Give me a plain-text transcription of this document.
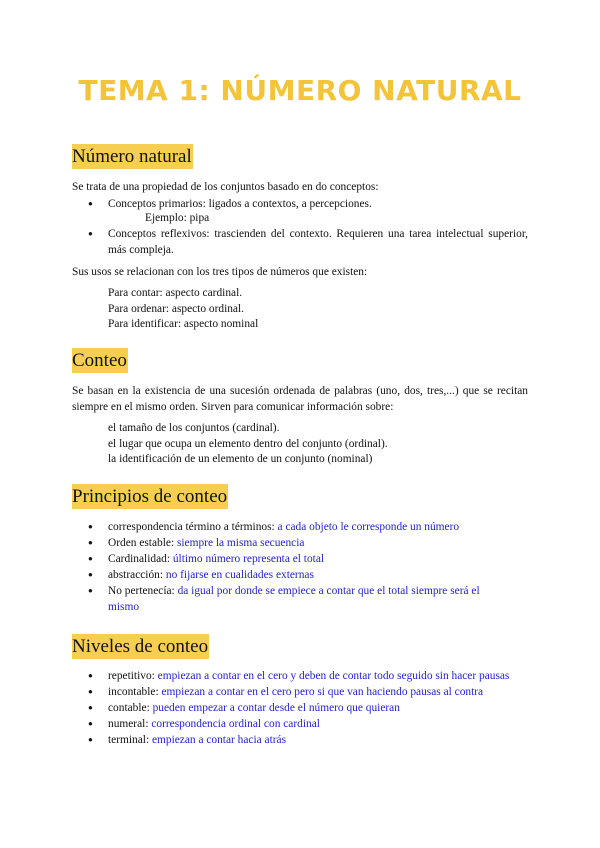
TEMA 1: NÚMERO NATURAL
Número natural
Se trata de una propiedad de los conjuntos basado en do conceptos:
● Conceptos primarios: ligados a contextos, a percepciones.
Ejemplo: pipa
● Conceptos reflexivos: trascienden del contexto. Requieren una tarea intelectual superior, más compleja.
Sus usos se relacionan con los tres tipos de números que existen:
Para contar: aspecto cardinal.
Para ordenar: aspecto ordinal.
Para identificar: aspecto nominal
Conteo
Se basan en la existencia de una sucesión ordenada de palabras (uno, dos, tres,...) que se recitan siempre en el mismo orden. Sirven para comunicar información sobre:
el tamaño de los conjuntos (cardinal).
el lugar que ocupa un elemento dentro del conjunto (ordinal).
la identificación de un elemento de un conjunto (nominal)
Principios de conteo
● correspondencia término a términos: a cada objeto le corresponde un número
● Orden estable: siempre la misma secuencia
● Cardinalidad: último número representa el total
● abstracción: no fijarse en cualidades externas
● No pertenecía: da igual por donde se empiece a contar que el total siempre será el mismo
Niveles de conteo
● repetitivo: empiezan a contar en el cero y deben de contar todo seguido sin hacer pausas
● incontable: empiezan a contar en el cero pero si que van haciendo pausas al contra
● contable: pueden empezar a contar desde el número que quieran
● numeral: correspondencia ordinal con cardinal
● terminal: empiezan a contar hacia atrás
